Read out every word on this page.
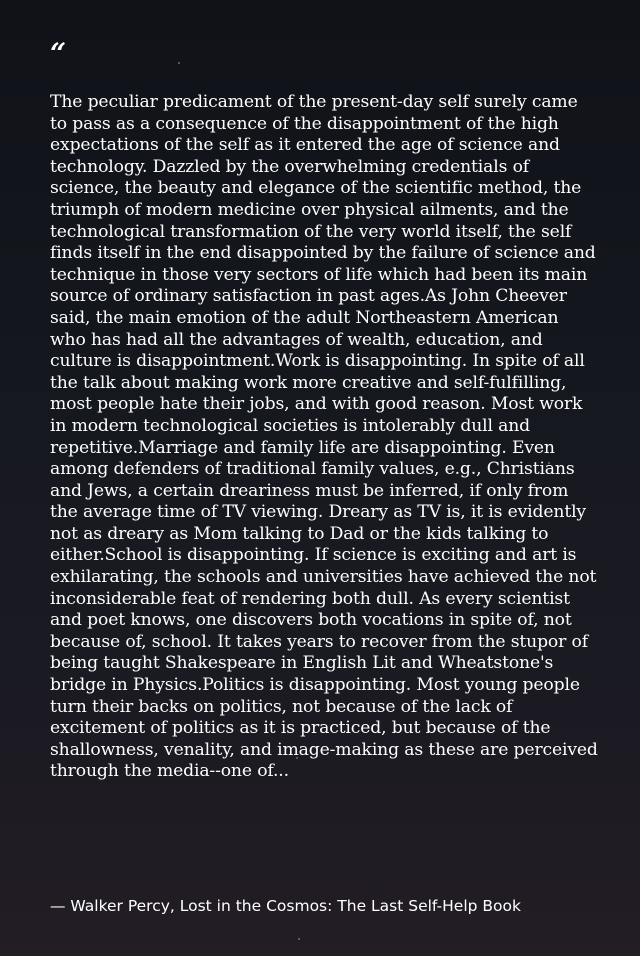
“

The peculiar predicament of the present-day self surely came to pass as a consequence of the disappointment of the high expectations of the self as it entered the age of science and technology. Dazzled by the overwhelming credentials of science, the beauty and elegance of the scientific method, the triumph of modern medicine over physical ailments, and the technological transformation of the very world itself, the self finds itself in the end disappointed by the failure of science and technique in those very sectors of life which had been its main source of ordinary satisfaction in past ages.As John Cheever said, the main emotion of the adult Northeastern American who has had all the advantages of wealth, education, and culture is disappointment.Work is disappointing. In spite of all the talk about making work more creative and self-fulfilling, most people hate their jobs, and with good reason. Most work in modern technological societies is intolerably dull and repetitive.Marriage and family life are disappointing. Even among defenders of traditional family values, e.g., Christians and Jews, a certain dreariness must be inferred, if only from the average time of TV viewing. Dreary as TV is, it is evidently not as dreary as Mom talking to Dad or the kids talking to either.School is disappointing. If science is exciting and art is exhilarating, the schools and universities have achieved the not inconsiderable feat of rendering both dull. As every scientist and poet knows, one discovers both vocations in spite of, not because of, school. It takes years to recover from the stupor of being taught Shakespeare in English Lit and Wheatstone's bridge in Physics.Politics is disappointing. Most young people turn their backs on politics, not because of the lack of excitement of politics as it is practiced, but because of the shallowness, venality, and image-making as these are perceived through the media--one of...

— Walker Percy, Lost in the Cosmos: The Last Self-Help Book
